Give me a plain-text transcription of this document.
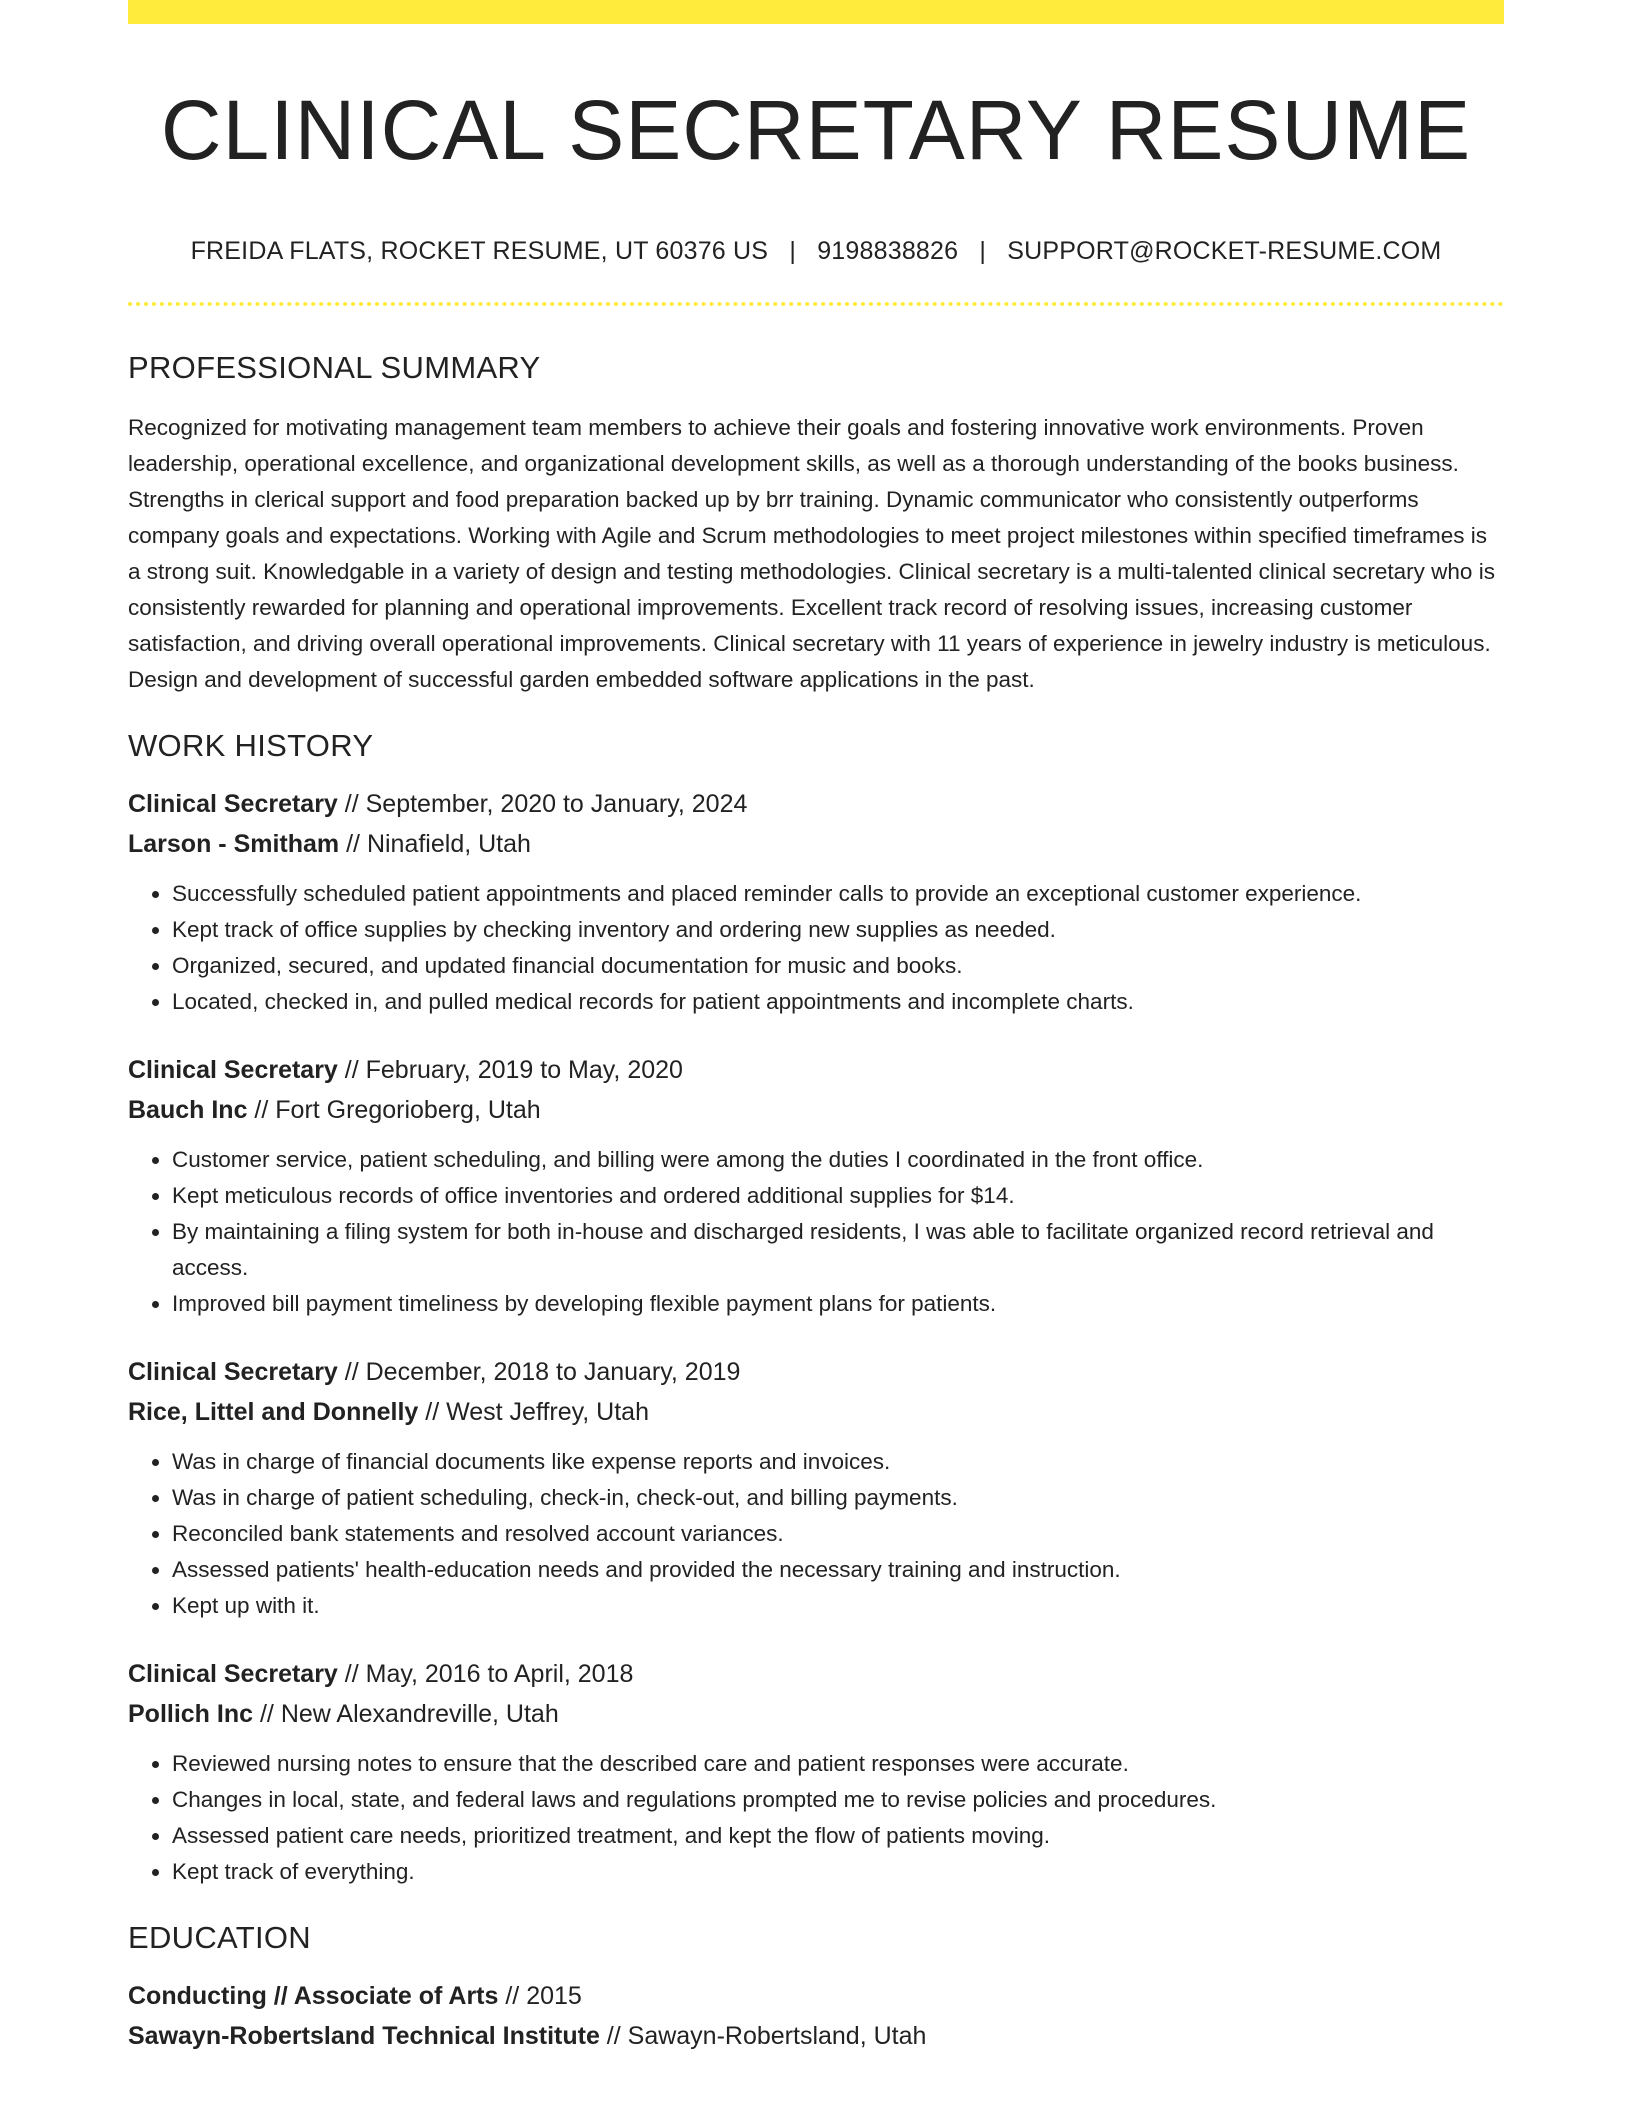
CLINICAL SECRETARY RESUME
FREIDA FLATS, ROCKET RESUME, UT 60376 US | 9198838826 | SUPPORT@ROCKET-RESUME.COM
PROFESSIONAL SUMMARY

Recognized for motivating management team members to achieve their goals and fostering innovative work environments. Proven leadership, operational excellence, and organizational development skills, as well as a thorough understanding of the books business. Strengths in clerical support and food preparation backed up by brr training. Dynamic communicator who consistently outperforms company goals and expectations. Working with Agile and Scrum methodologies to meet project milestones within specified timeframes is a strong suit. Knowledgable in a variety of design and testing methodologies. Clinical secretary is a multi-talented clinical secretary who is consistently rewarded for planning and operational improvements. Excellent track record of resolving issues, increasing customer satisfaction, and driving overall operational improvements. Clinical secretary with 11 years of experience in jewelry industry is meticulous. Design and development of successful garden embedded software applications in the past.

WORK HISTORY
Clinical Secretary // September, 2020 to January, 2024
Larson - Smitham // Ninafield, Utah
• Successfully scheduled patient appointments and placed reminder calls to provide an exceptional customer experience.
• Kept track of office supplies by checking inventory and ordering new supplies as needed.
• Organized, secured, and updated financial documentation for music and books.
• Located, checked in, and pulled medical records for patient appointments and incomplete charts.
Clinical Secretary // February, 2019 to May, 2020
Bauch Inc // Fort Gregorioberg, Utah
• Customer service, patient scheduling, and billing were among the duties I coordinated in the front office.
• Kept meticulous records of office inventories and ordered additional supplies for $14.
• By maintaining a filing system for both in-house and discharged residents, I was able to facilitate organized record retrieval and access.
• Improved bill payment timeliness by developing flexible payment plans for patients.
Clinical Secretary // December, 2018 to January, 2019
Rice, Littel and Donnelly // West Jeffrey, Utah
• Was in charge of financial documents like expense reports and invoices.
• Was in charge of patient scheduling, check-in, check-out, and billing payments.
• Reconciled bank statements and resolved account variances.
• Assessed patients' health-education needs and provided the necessary training and instruction.
• Kept up with it.
Clinical Secretary // May, 2016 to April, 2018
Pollich Inc // New Alexandreville, Utah
• Reviewed nursing notes to ensure that the described care and patient responses were accurate.
• Changes in local, state, and federal laws and regulations prompted me to revise policies and procedures.
• Assessed patient care needs, prioritized treatment, and kept the flow of patients moving.
• Kept track of everything.
EDUCATION
Conducting // Associate of Arts // 2015
Sawayn-Robertsland Technical Institute // Sawayn-Robertsland, Utah
